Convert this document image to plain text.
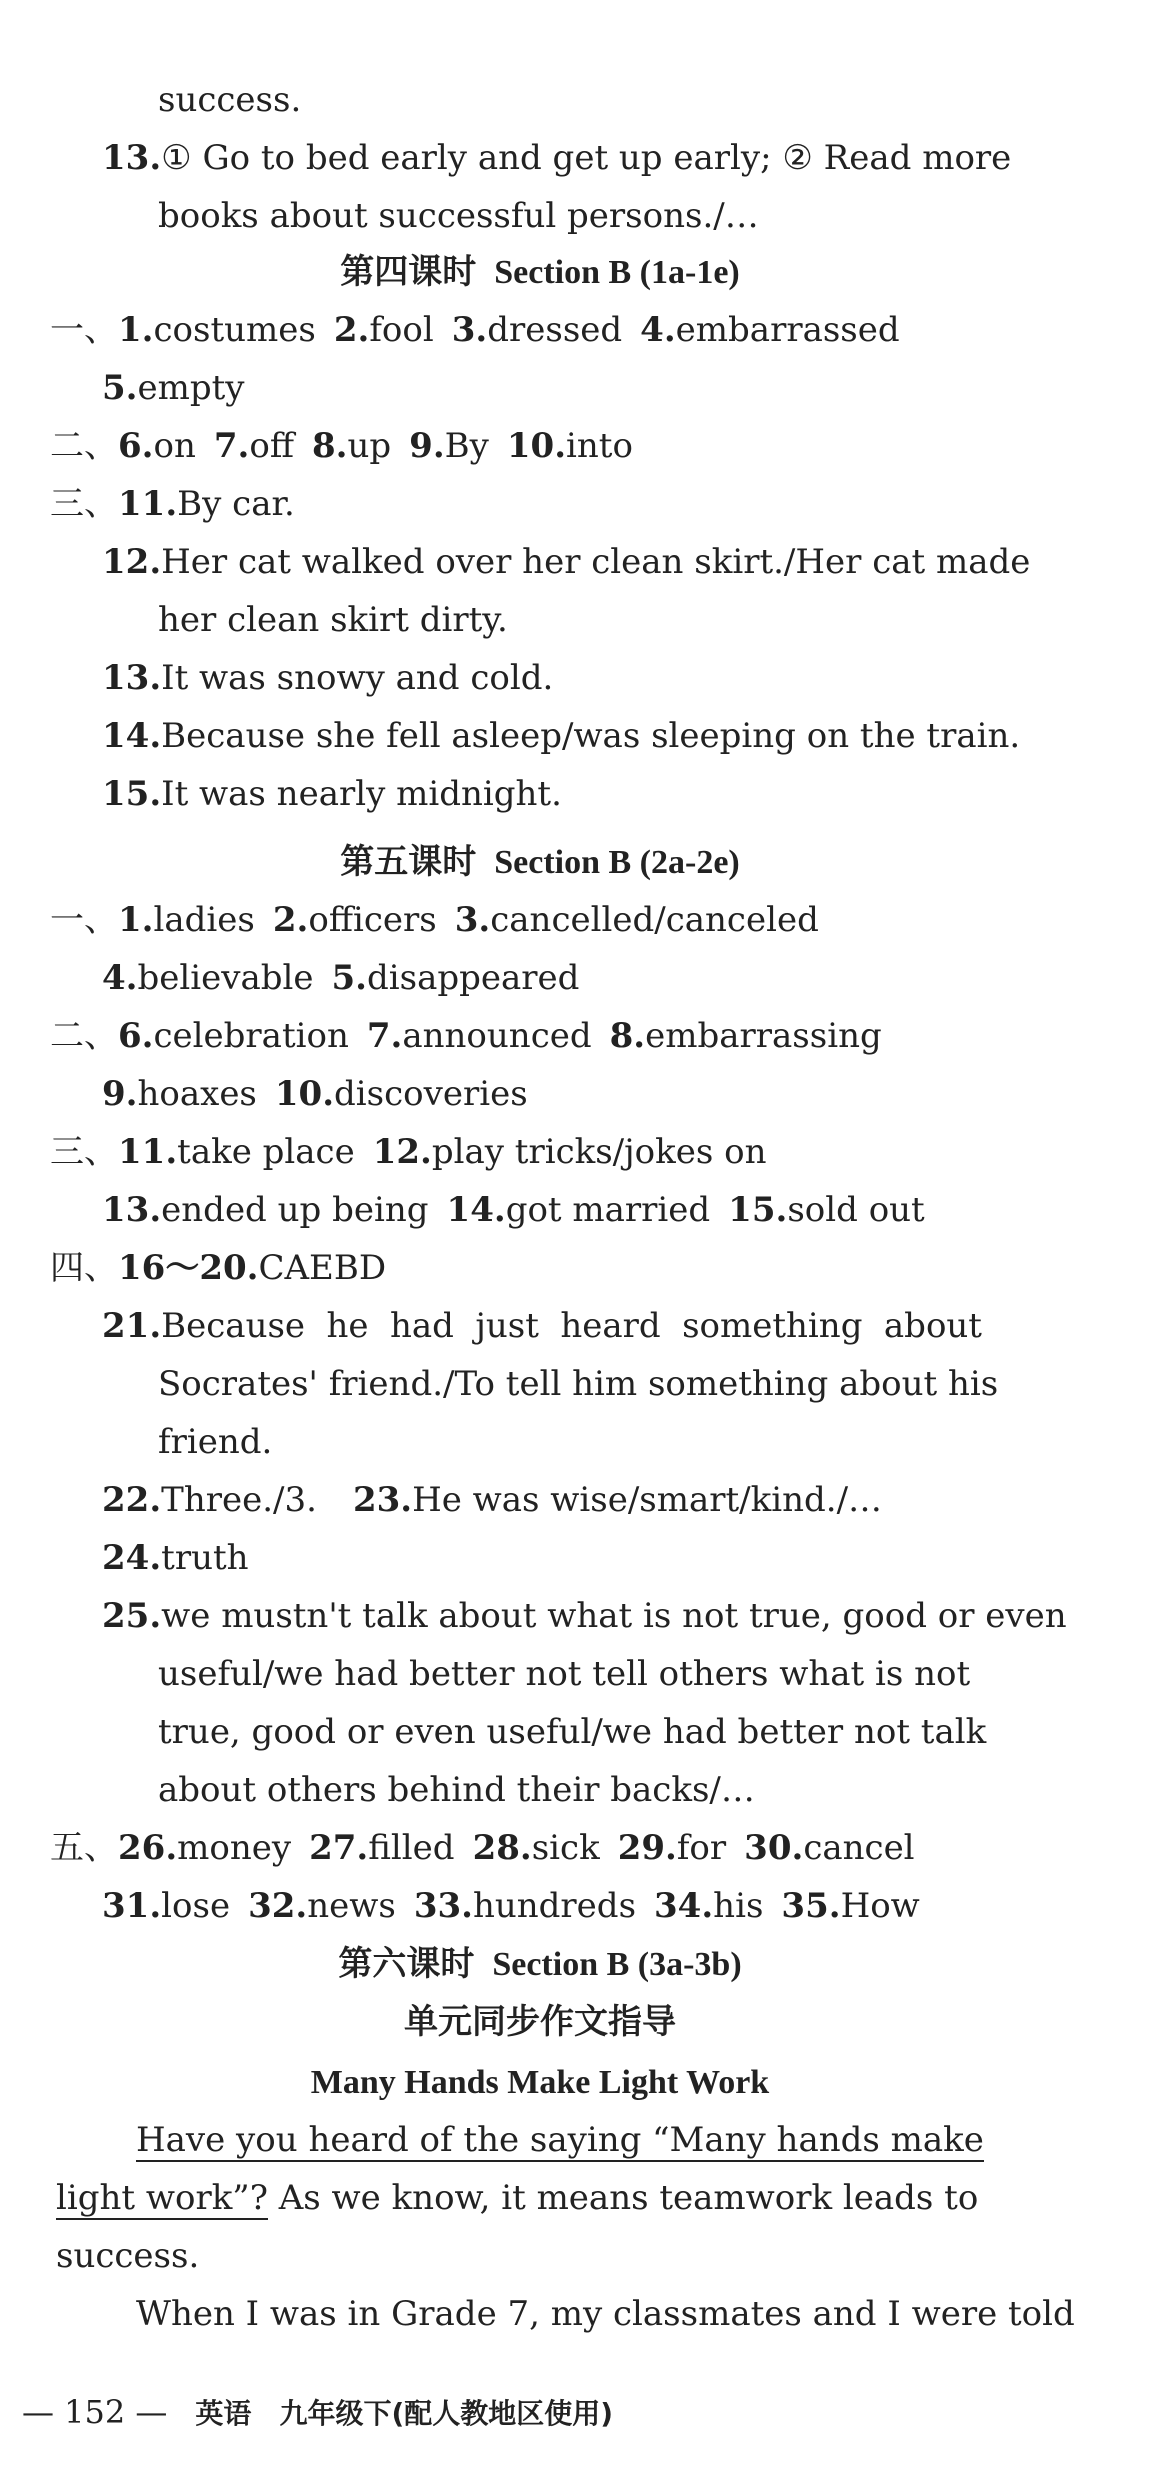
success.
13.① Go to bed early and get up early; ② Read more
books about successful persons./…
第四课时 Section B (1a-1e)
一、1.costumes 2.fool 3.dressed 4.embarrassed
5.empty
二、6.on 7.off 8.up 9.By 10.into
三、11.By car.
12.Her cat walked over her clean skirt./Her cat made
her clean skirt dirty.
13.It was snowy and cold.
14.Because she fell asleep/was sleeping on the train.
15.It was nearly midnight.
第五课时 Section B (2a-2e)
一、1.ladies 2.officers 3.cancelled/canceled
4.believable 5.disappeared
二、6.celebration 7.announced 8.embarrassing
9.hoaxes 10.discoveries
三、11.take place 12.play tricks/jokes on
13.ended up being 14.got married 15.sold out
四、16～20.CAEBD
21.Because he had just heard something about
Socrates' friend./To tell him something about his
friend.
22.Three./3. 23.He was wise/smart/kind./…
24.truth
25.we mustn't talk about what is not true, good or even
useful/we had better not tell others what is not
true, good or even useful/we had better not talk
about others behind their backs/…
五、26.money 27.filled 28.sick 29.for 30.cancel
31.lose 32.news 33.hundreds 34.his 35.How
第六课时 Section B (3a-3b)
单元同步作文指导
Many Hands Make Light Work
Have you heard of the saying “Many hands make
light work”? As we know, it means teamwork leads to
success.
When I was in Grade 7, my classmates and I were told
— 152 — 英语 九年级下(配人教地区使用)
